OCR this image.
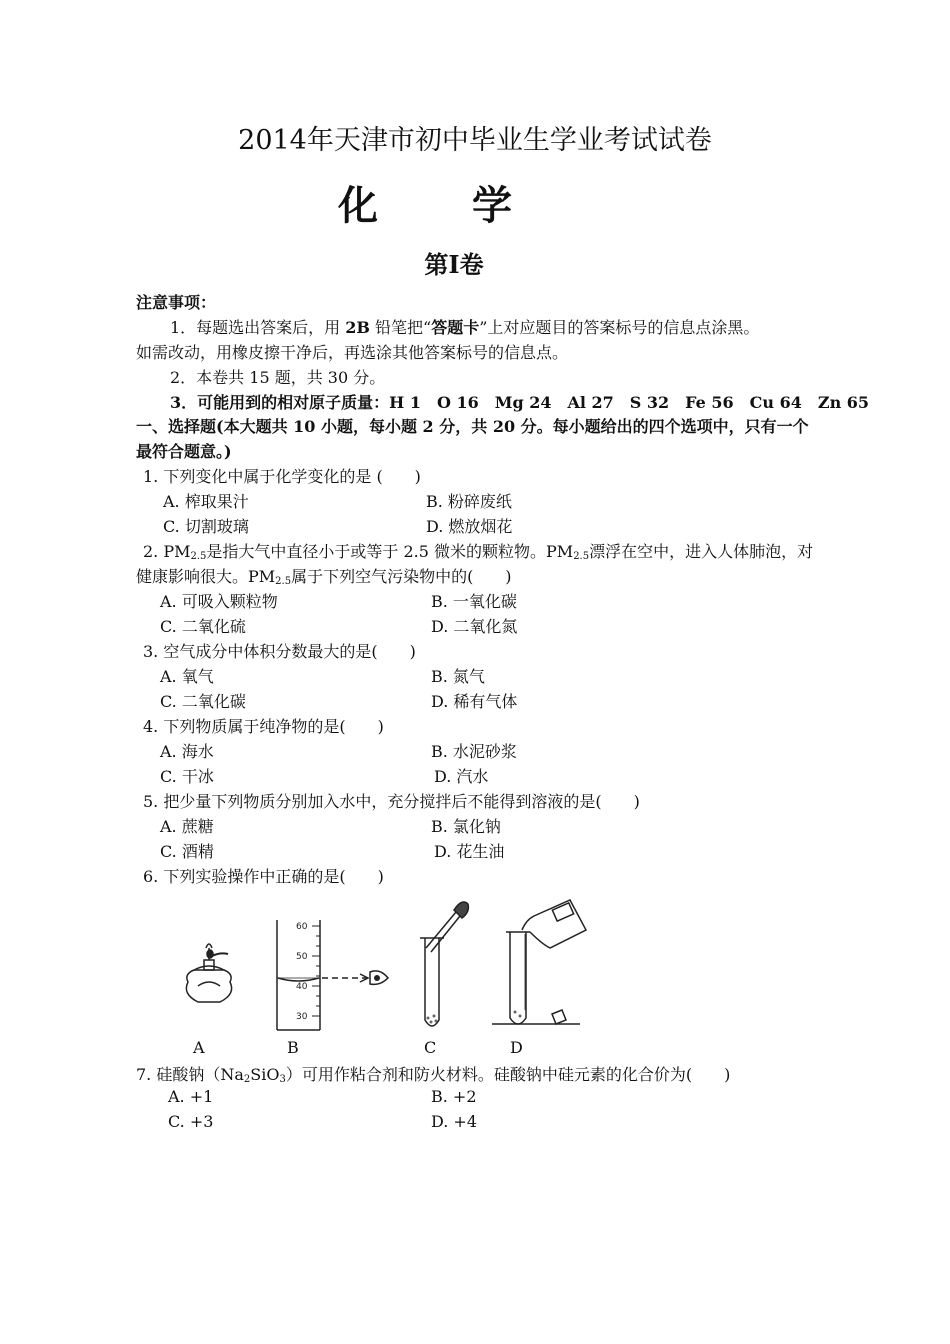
2014年天津市初中毕业生学业考试试卷
化 学
第Ⅰ卷
注意事项：
1．每题选出答案后，用 2B 铅笔把“答题卡”上对应题目的答案标号的信息点涂黑。
如需改动，用橡皮擦干净后，再选涂其他答案标号的信息点。
2．本卷共 15 题，共 30 分。
3．可能用到的相对原子质量：H 1　O 16　Mg 24　Al 27　S 32　Fe 56　Cu 64　Zn 65
一、选择题(本大题共 10 小题，每小题 2 分，共 20 分。每小题给出的四个选项中，只有一个
最符合题意。)
1. 下列变化中属于化学变化的是 (　　)
A. 榨取果汁	B. 粉碎废纸
C. 切割玻璃	D. 燃放烟花
2. $PM_{2.5}$是指大气中直径小于或等于 2.5 微米的颗粒物。$PM_{2.5}$漂浮在空中，进入人体肺泡，对
健康影响很大。$PM_{2.5}$属于下列空气污染物中的(　　)
A. 可吸入颗粒物	B. 一氧化碳
C. 二氧化硫	D. 二氧化氮
3. 空气成分中体积分数最大的是(　　)
A. 氧气	B. 氮气
C. 二氧化碳	D. 稀有气体
4. 下列物质属于纯净物的是(　　)
A. 海水	B. 水泥砂浆
C. 干冰	D. 汽水
5. 把少量下列物质分别加入水中，充分搅拌后不能得到溶液的是(　　)
A. 蔗糖	B. 氯化钠
C. 酒精	D. 花生油
6. 下列实验操作中正确的是(　　)
60
50
40
30
A	B	C	D
7. 硅酸钠$(Na_2SiO_3)$可用作粘合剂和防火材料。硅酸钠中硅元素的化合价为(　　)
A. +1	B. +2
C. +3	D. +4
